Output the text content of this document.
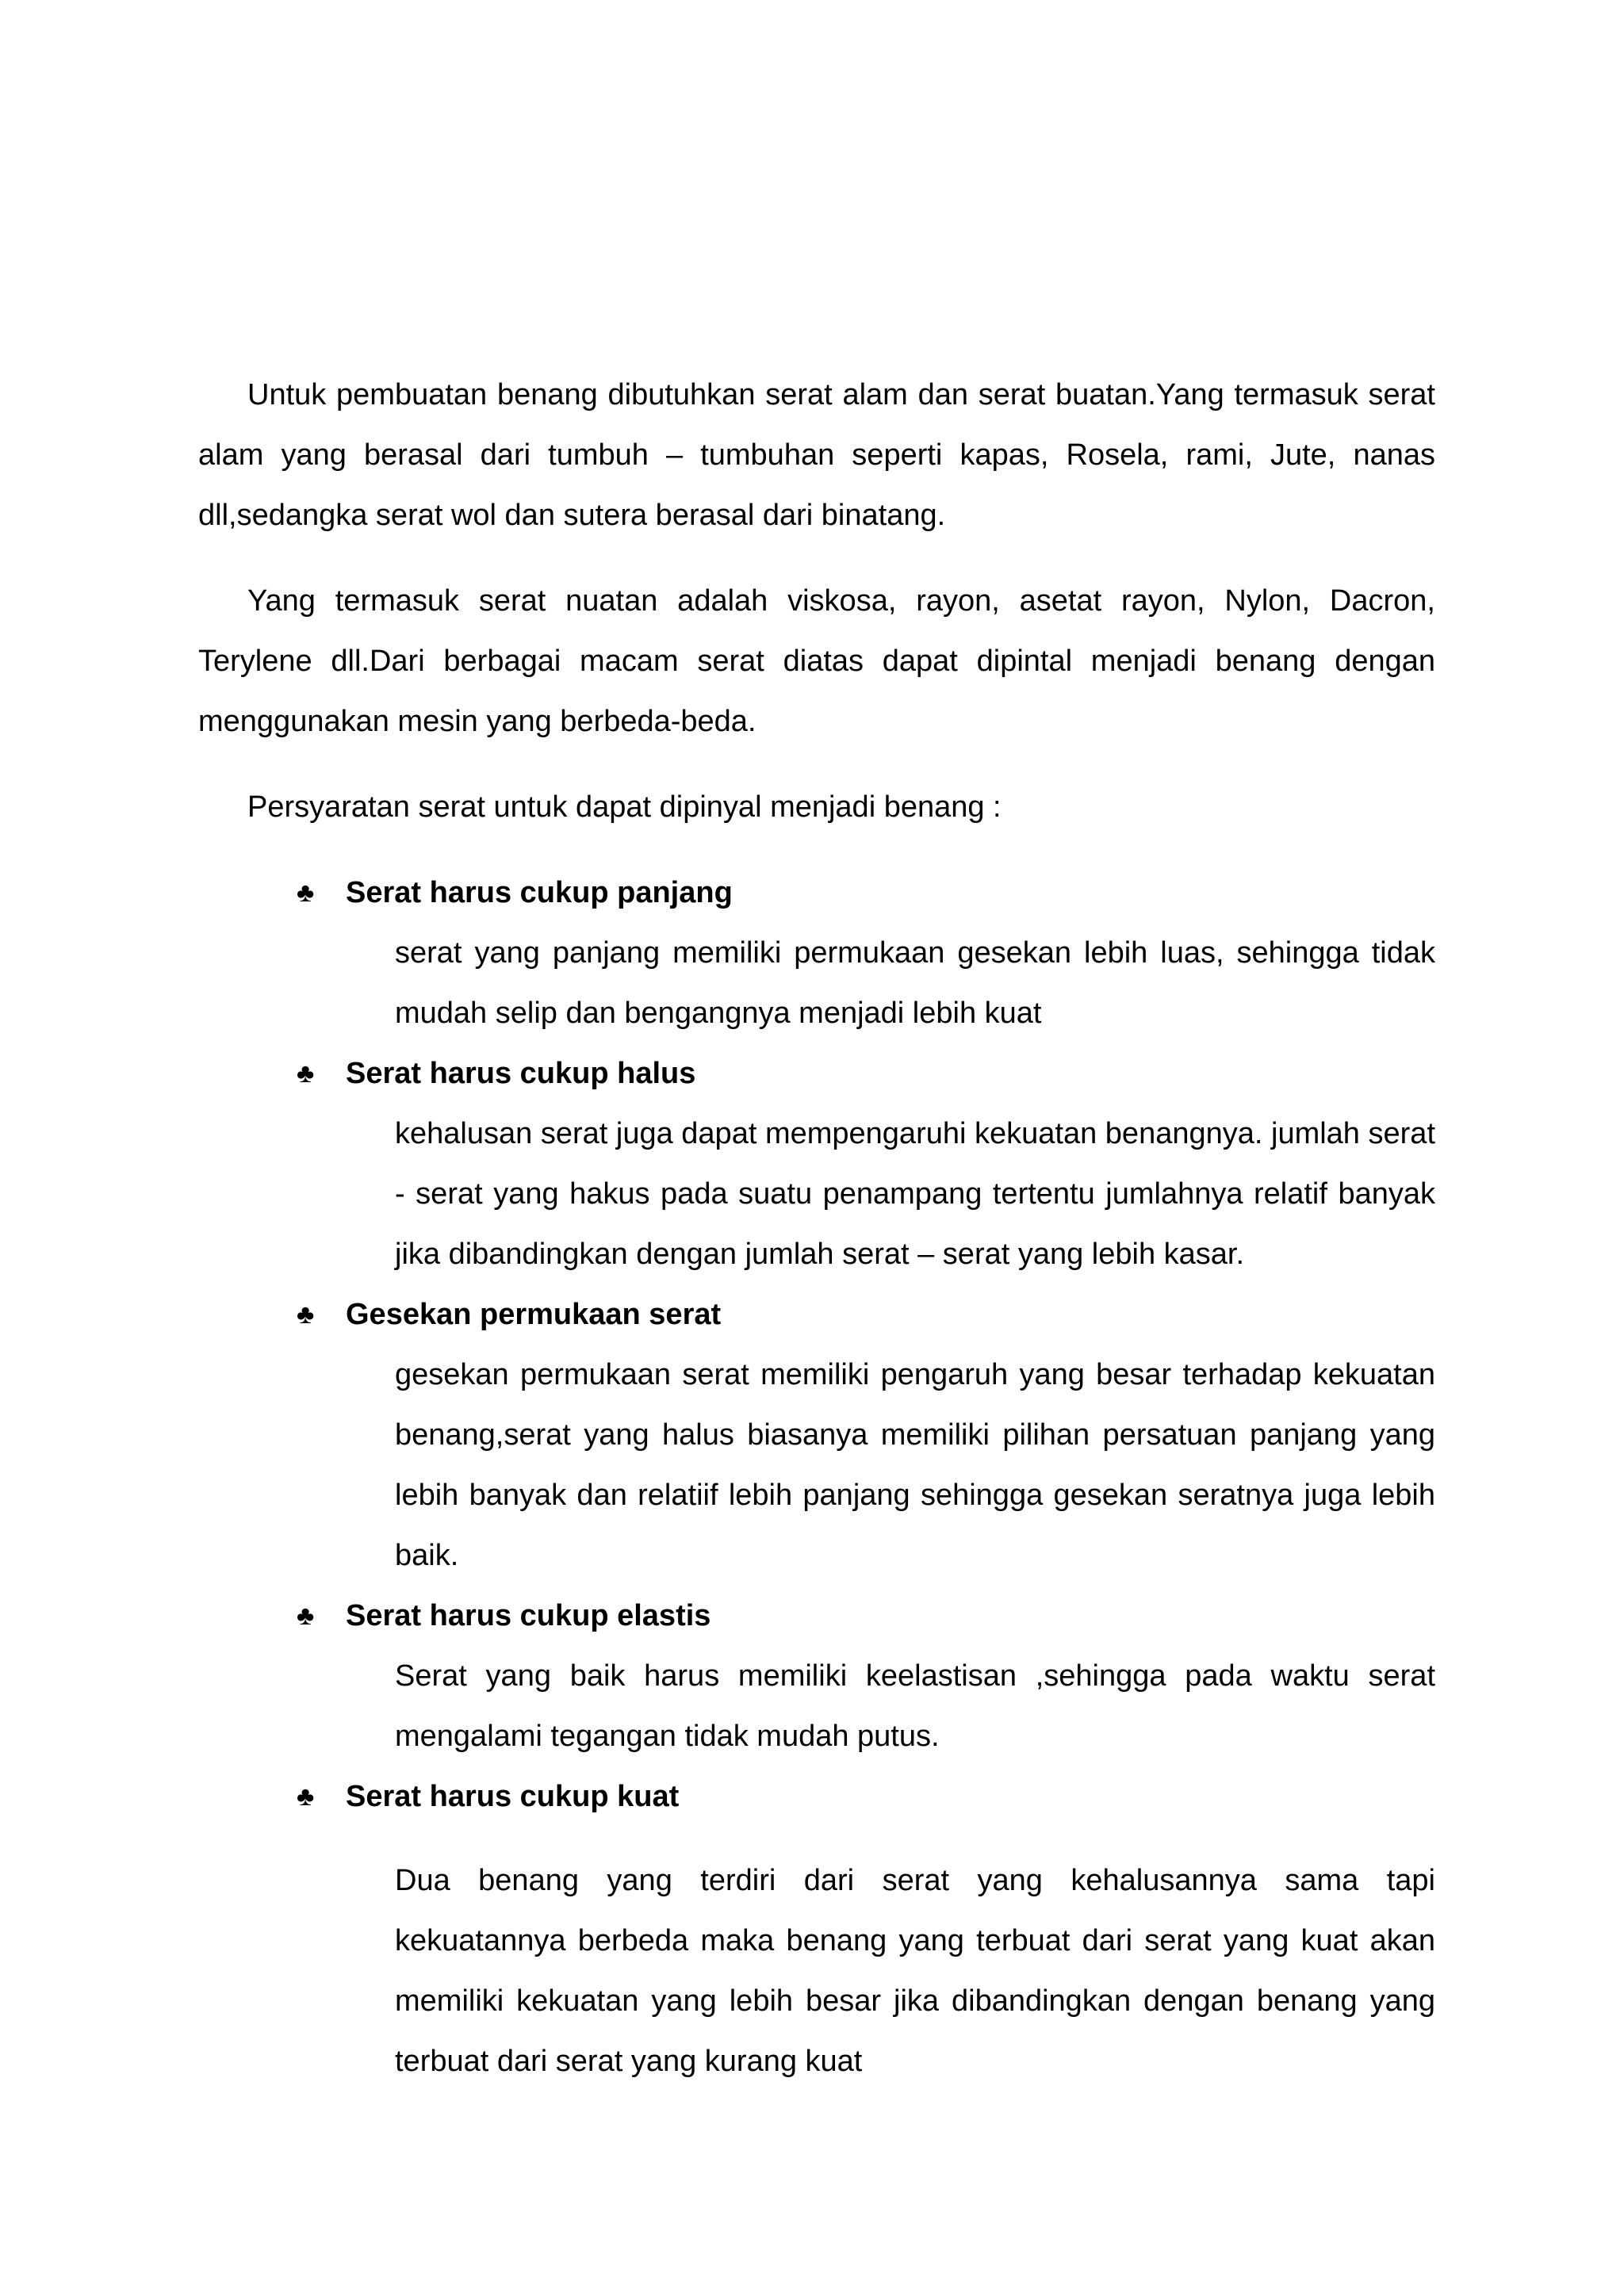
Untuk pembuatan benang dibutuhkan serat alam dan serat buatan.Yang termasuk serat alam yang berasal dari tumbuh – tumbuhan seperti kapas, Rosela, rami, Jute, nanas dll,sedangka serat wol dan sutera berasal dari binatang.

Yang termasuk serat nuatan adalah viskosa, rayon, asetat rayon, Nylon, Dacron, Terylene dll.Dari berbagai macam serat diatas dapat dipintal menjadi benang dengan menggunakan mesin yang berbeda-beda.

Persyaratan serat untuk dapat dipinyal menjadi benang :

♣	Serat harus cukup panjang

serat yang panjang memiliki permukaan gesekan lebih luas, sehingga tidak mudah selip dan bengangnya menjadi lebih kuat

♣	Serat harus cukup halus

kehalusan serat juga dapat mempengaruhi kekuatan benangnya. jumlah serat - serat yang hakus pada suatu penampang tertentu jumlahnya relatif banyak jika dibandingkan dengan jumlah serat – serat yang lebih kasar.

♣	Gesekan permukaan serat

gesekan permukaan serat memiliki pengaruh yang besar terhadap kekuatan benang,serat yang halus biasanya memiliki pilihan persatuan panjang yang lebih banyak dan relatiif lebih panjang sehingga gesekan seratnya juga lebih baik.

♣	Serat harus cukup elastis

Serat yang baik harus memiliki keelastisan ,sehingga pada waktu serat mengalami tegangan tidak mudah putus.

♣	Serat harus cukup kuat

Dua benang yang terdiri dari serat yang kehalusannya sama tapi kekuatannya berbeda maka benang yang terbuat dari serat yang kuat akan memiliki kekuatan yang lebih besar jika dibandingkan dengan benang yang terbuat dari serat yang kurang kuat
